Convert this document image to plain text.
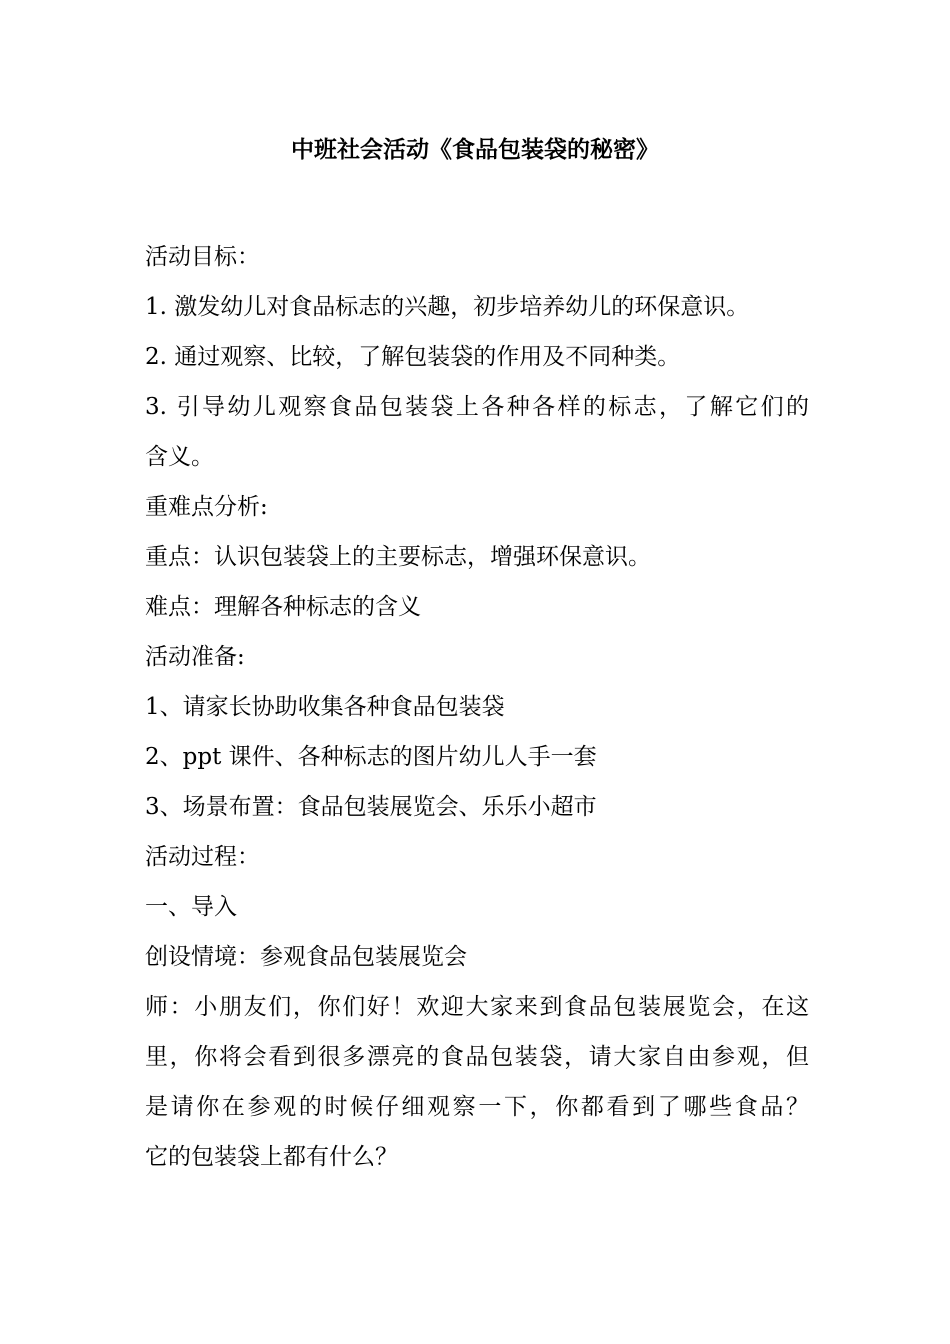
中班社会活动《食品包装袋的秘密》
活动目标：
1. 激发幼儿对食品标志的兴趣，初步培养幼儿的环保意识。
2. 通过观察、比较，了解包装袋的作用及不同种类。
3. 引导幼儿观察食品包装袋上各种各样的标志，了解它们的
含义。
重难点分析:
重点：认识包装袋上的主要标志，增强环保意识。
难点：理解各种标志的含义
活动准备:
1、请家长协助收集各种食品包装袋
2、ppt 课件、各种标志的图片幼儿人手一套
3、场景布置：食品包装展览会、乐乐小超市
活动过程：
一、导入
创设情境：参观食品包装展览会
师：小朋友们，你们好！欢迎大家来到食品包装展览会，在这
里，你将会看到很多漂亮的食品包装袋，请大家自由参观，但
是请你在参观的时候仔细观察一下，你都看到了哪些食品？
它的包装袋上都有什么？
